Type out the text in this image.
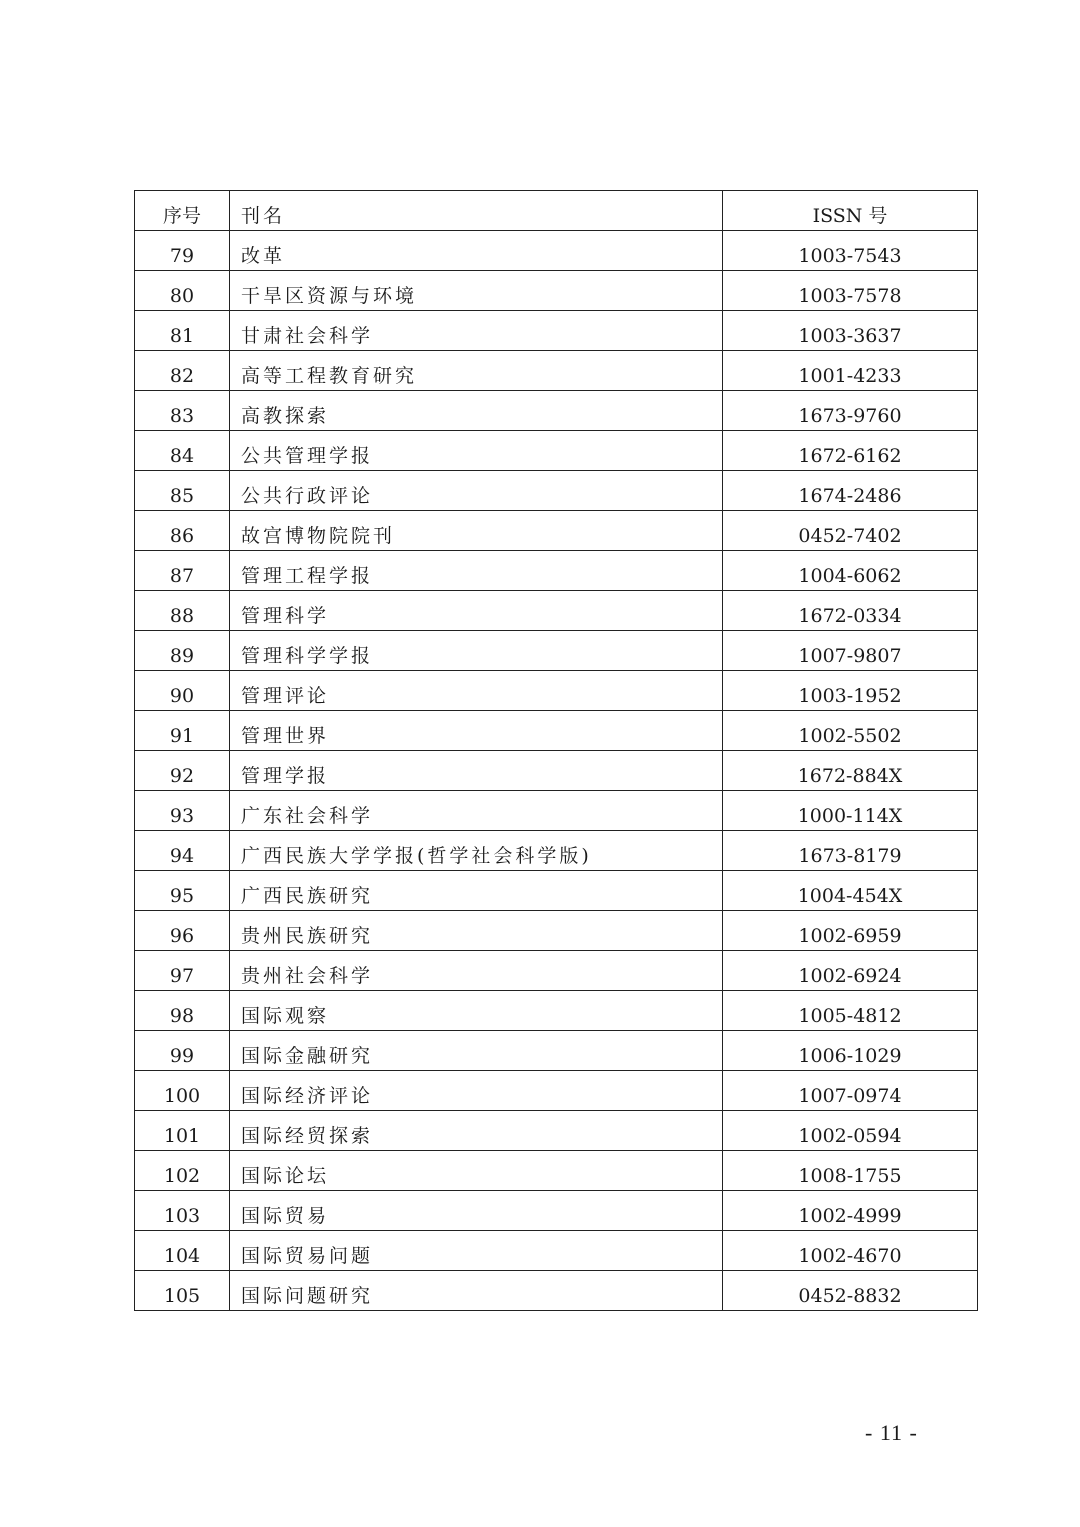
序号	刊名	ISSN 号
79	改革	1003-7543
80	干旱区资源与环境	1003-7578
81	甘肃社会科学	1003-3637
82	高等工程教育研究	1001-4233
83	高教探索	1673-9760
84	公共管理学报	1672-6162
85	公共行政评论	1674-2486
86	故宫博物院院刊	0452-7402
87	管理工程学报	1004-6062
88	管理科学	1672-0334
89	管理科学学报	1007-9807
90	管理评论	1003-1952
91	管理世界	1002-5502
92	管理学报	1672-884X
93	广东社会科学	1000-114X
94	广西民族大学学报(哲学社会科学版)	1673-8179
95	广西民族研究	1004-454X
96	贵州民族研究	1002-6959
97	贵州社会科学	1002-6924
98	国际观察	1005-4812
99	国际金融研究	1006-1029
100	国际经济评论	1007-0974
101	国际经贸探索	1002-0594
102	国际论坛	1008-1755
103	国际贸易	1002-4999
104	国际贸易问题	1002-4670
105	国际问题研究	0452-8832
- 11 -
